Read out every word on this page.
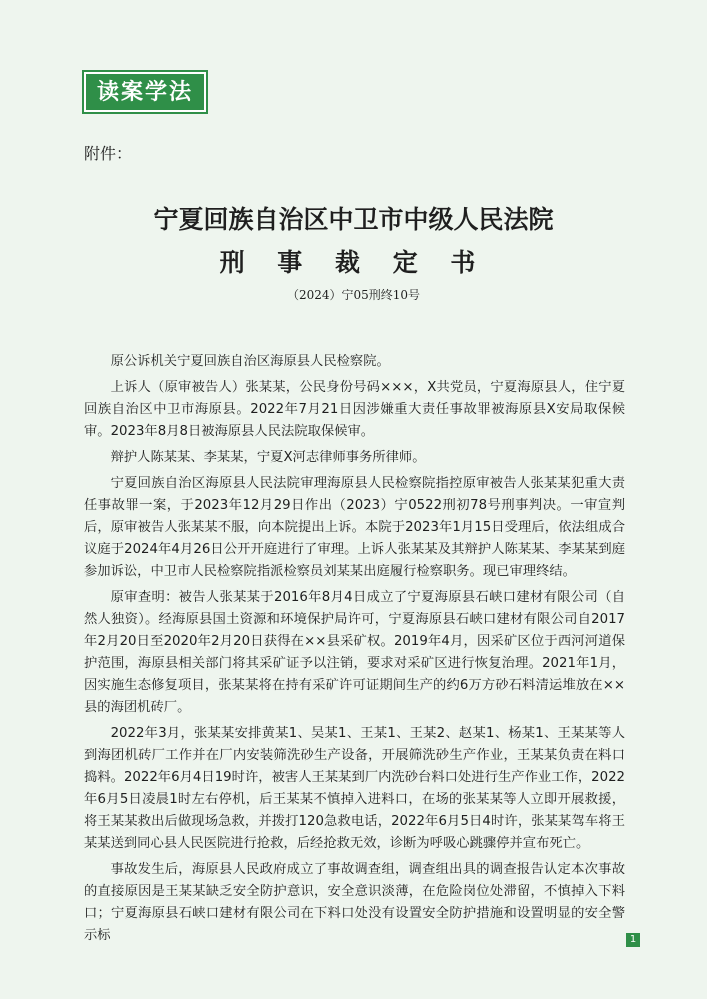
读案学法
附件：
宁夏回族自治区中卫市中级人民法院
刑 事 裁 定 书
（2024）宁05刑终10号

原公诉机关宁夏回族自治区海原县人民检察院。

上诉人（原审被告人）张某某，公民身份号码×××，X共党员，宁夏海原县人，住宁夏回族自治区中卫市海原县。2022年7月21日因涉嫌重大责任事故罪被海原县X安局取保候审。2023年8月8日被海原县人民法院取保候审。

辩护人陈某某、李某某，宁夏X河志律师事务所律师。

宁夏回族自治区海原县人民法院审理海原县人民检察院指控原审被告人张某某犯重大责任事故罪一案，于2023年12月29日作出（2023）宁0522刑初78号刑事判决。一审宣判后，原审被告人张某某不服，向本院提出上诉。本院于2023年1月15日受理后，依法组成合议庭于2024年4月26日公开开庭进行了审理。上诉人张某某及其辩护人陈某某、李某某到庭参加诉讼，中卫市人民检察院指派检察员刘某某出庭履行检察职务。现已审理终结。

原审查明：被告人张某某于2016年8月4日成立了宁夏海原县石峡口建材有限公司（自然人独资）。经海原县国土资源和环境保护局许可，宁夏海原县石峡口建材有限公司自2017年2月20日至2020年2月20日获得在××县采矿权。2019年4月，因采矿区位于西河河道保护范围，海原县相关部门将其采矿证予以注销，要求对采矿区进行恢复治理。2021年1月，因实施生态修复项目，张某某将在持有采矿许可证期间生产的约6万方砂石料清运堆放在××县的海团机砖厂。

2022年3月，张某某安排黄某1、吴某1、王某1、王某2、赵某1、杨某1、王某某等人到海团机砖厂工作并在厂内安装筛洗砂生产设备，开展筛洗砂生产作业，王某某负责在料口捣料。2022年6月4日19时许，被害人王某某到厂内洗砂台料口处进行生产作业工作，2022年6月5日凌晨1时左右停机，后王某某不慎掉入进料口，在场的张某某等人立即开展救援，将王某某救出后做现场急救，并拨打120急救电话，2022年6月5日4时许，张某某驾车将王某某送到同心县人民医院进行抢救，后经抢救无效，诊断为呼吸心跳骤停并宣布死亡。

事故发生后，海原县人民政府成立了事故调查组，调查组出具的调查报告认定本次事故的直接原因是王某某缺乏安全防护意识，安全意识淡薄，在危险岗位处滞留，不慎掉入下料口；宁夏海原县石峡口建材有限公司在下料口处没有设置安全防护措施和设置明显的安全警示标	1
